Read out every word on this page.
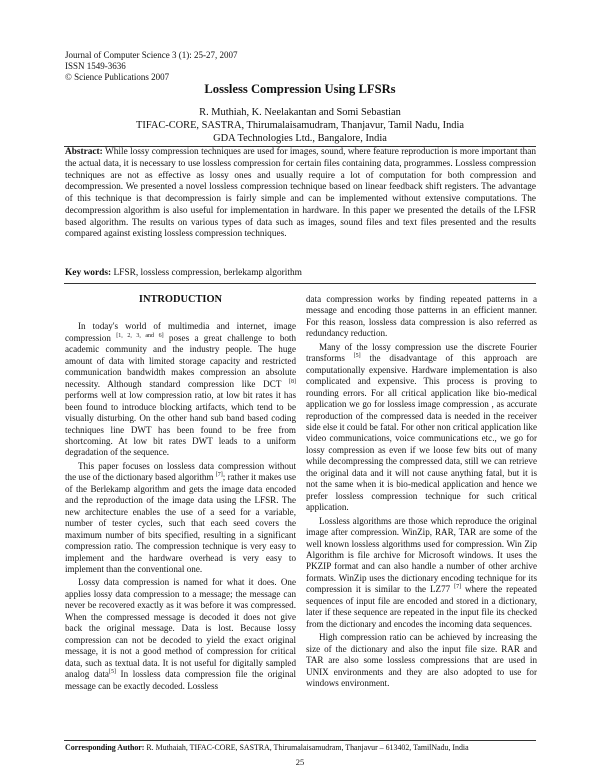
Journal of Computer Science 3 (1): 25-27, 2007
ISSN 1549-3636
© Science Publications 2007
Lossless Compression Using LFSRs
R. Muthiah, K. Neelakantan and Somi Sebastian
TIFAC-CORE, SASTRA, Thirumalaisamudram, Thanjavur, Tamil Nadu, India
GDA Technologies Ltd., Bangalore, India
Abstract: While lossy compression techniques are used for images, sound, where feature reproduction is more important than the actual data, it is necessary to use lossless compression for certain files containing data, programmes. Lossless compression techniques are not as effective as lossy ones and usually require a lot of computation for both compression and decompression. We presented a novel lossless compression technique based on linear feedback shift registers. The advantage of this technique is that decompression is fairly simple and can be implemented without extensive computations. The decompression algorithm is also useful for implementation in hardware. In this paper we presented the details of the LFSR based algorithm. The results on various types of data such as images, sound files and text files presented and the results compared against existing lossless compression techniques.
Key words: LFSR, lossless compression, berlekamp algorithm
INTRODUCTION

In today's world of multimedia and internet, image compression [1, 2, 3, and 6] poses a great challenge to both academic community and the industry people. The huge amount of data with limited storage capacity and restricted communication bandwidth makes compression an absolute necessity. Although standard compression like DCT [8] performs well at low compression ratio, at low bit rates it has been found to introduce blocking artifacts, which tend to be visually disturbing. On the other hand sub band based coding techniques line DWT has been found to be free from shortcoming. At low bit rates DWT leads to a uniform degradation of the sequence.

This paper focuses on lossless data compression without the use of the dictionary based algorithm [7]; rather it makes use of the Berlekamp algorithm and gets the image data encoded and the reproduction of the image data using the LFSR. The new architecture enables the use of a seed for a variable, number of tester cycles, such that each seed covers the maximum number of bits specified, resulting in a significant compression ratio. The compression technique is very easy to implement and the hardware overhead is very easy to implement than the conventional one.

Lossy data compression is named for what it does. One applies lossy data compression to a message; the message can never be recovered exactly as it was before it was compressed. When the compressed message is decoded it does not give back the original message. Data is lost. Because lossy compression can not be decoded to yield the exact original message, it is not a good method of compression for critical data, such as textual data. It is not useful for digitally sampled analog data[5] In lossless data compression file the original message can be exactly decoded. Lossless

data compression works by finding repeated patterns in a message and encoding those patterns in an efficient manner. For this reason, lossless data compression is also referred as redundancy reduction.

Many of the lossy compression use the discrete Fourier transforms [5] the disadvantage of this approach are computationally expensive. Hardware implementation is also complicated and expensive. This process is proving to rounding errors. For all critical application like bio-medical application we go for lossless image compression , as accurate reproduction of the compressed data is needed in the receiver side else it could be fatal. For other non critical application like video communications, voice communications etc., we go for lossy compression as even if we loose few bits out of many while decompressing the compressed data, still we can retrieve the original data and it will not cause anything fatal, but it is not the same when it is bio-medical application and hence we prefer lossless compression technique for such critical application.

Lossless algorithms are those which reproduce the original image after compression. WinZip, RAR, TAR are some of the well known lossless algorithms used for compression. Win Zip Algorithm is file archive for Microsoft windows. It uses the PKZIP format and can also handle a number of other archive formats. WinZip uses the dictionary encoding technique for its compression it is similar to the LZ77 [7] where the repeated sequences of input file are encoded and stored in a dictionary, later if these sequence are repeated in the input file its checked from the dictionary and encodes the incoming data sequences.

High compression ratio can be achieved by increasing the size of the dictionary and also the input file size. RAR and TAR are also some lossless compressions that are used in UNIX environments and they are also adopted to use for windows environment.

Corresponding Author: R. Muthaiah, TIFAC-CORE, SASTRA, Thirumalaisamudram, Thanjavur – 613402, TamilNadu, India
25
